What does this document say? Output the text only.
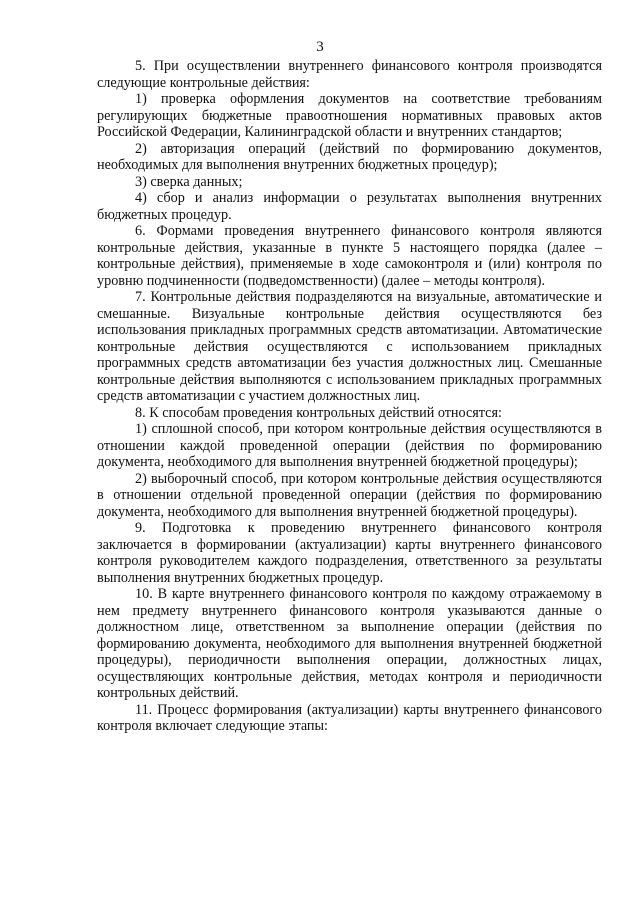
3

5. При осуществлении внутреннего финансового контроля производятся следующие контрольные действия:

1) проверка оформления документов на соответствие требованиям регулирующих бюджетные правоотношения нормативных правовых актов Российской Федерации, Калининградской области и внутренних стандартов;

2) авторизация операций (действий по формированию документов, необходимых для выполнения внутренних бюджетных процедур);

3) сверка данных;

4) сбор и анализ информации о результатах выполнения внутренних бюджетных процедур.

6. Формами проведения внутреннего финансового контроля являются контрольные действия, указанные в пункте 5 настоящего порядка (далее – контрольные действия), применяемые в ходе самоконтроля и (или) контроля по уровню подчиненности (подведомственности) (далее – методы контроля).

7. Контрольные действия подразделяются на визуальные, автоматические и смешанные. Визуальные контрольные действия осуществляются без использования прикладных программных средств автоматизации. Автоматические контрольные действия осуществляются с использованием прикладных программных средств автоматизации без участия должностных лиц. Смешанные контрольные действия выполняются с использованием прикладных программных средств автоматизации с участием должностных лиц.

8. К способам проведения контрольных действий относятся:

1) сплошной способ, при котором контрольные действия осуществляются в отношении каждой проведенной операции (действия по формированию документа, необходимого для выполнения внутренней бюджетной процедуры);

2) выборочный способ, при котором контрольные действия осуществляются в отношении отдельной проведенной операции (действия по формированию документа, необходимого для выполнения внутренней бюджетной процедуры).

9. Подготовка к проведению внутреннего финансового контроля заключается в формировании (актуализации) карты внутреннего финансового контроля руководителем каждого подразделения, ответственного за результаты выполнения внутренних бюджетных процедур.

10. В карте внутреннего финансового контроля по каждому отражаемому в нем предмету внутреннего финансового контроля указываются данные о должностном лице, ответственном за выполнение операции (действия по формированию документа, необходимого для выполнения внутренней бюджетной процедуры), периодичности выполнения операции, должностных лицах, осуществляющих контрольные действия, методах контроля и периодичности контрольных действий.

11. Процесс формирования (актуализации) карты внутреннего финансового контроля включает следующие этапы:
